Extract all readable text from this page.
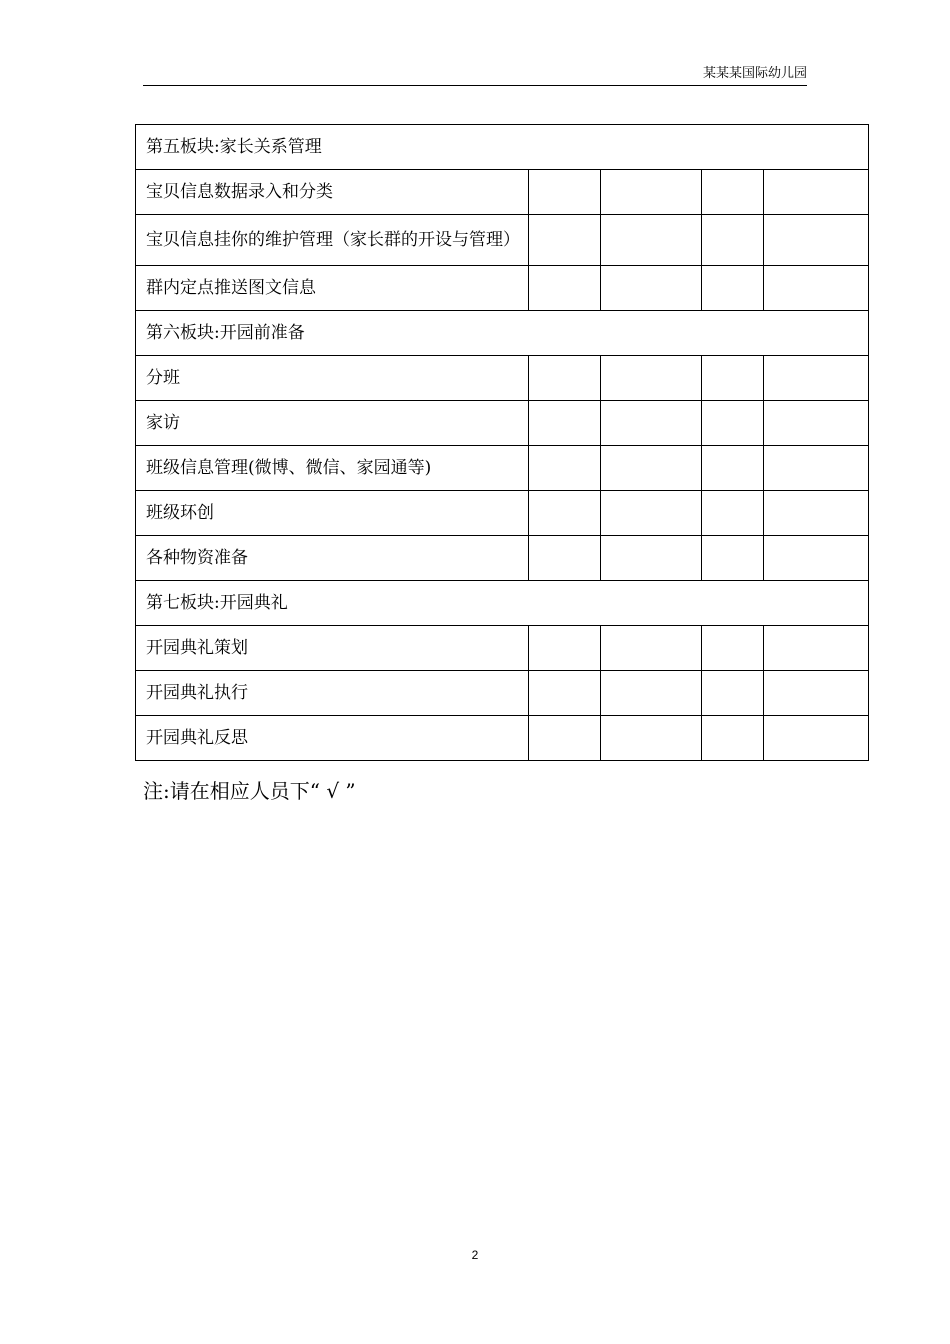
某某某国际幼儿园
第五板块:家长关系管理				
宝贝信息数据录入和分类				
宝贝信息挂你的维护管理（家长群的开设与管理）				
群内定点推送图文信息				
第六板块:开园前准备				
分班				
家访				
班级信息管理(微博、微信、家园通等)				
班级环创				
各种物资准备				
第七板块:开园典礼				
开园典礼策划				
开园典礼执行				
开园典礼反思				
注:请在相应人员下“ √ ”
2
